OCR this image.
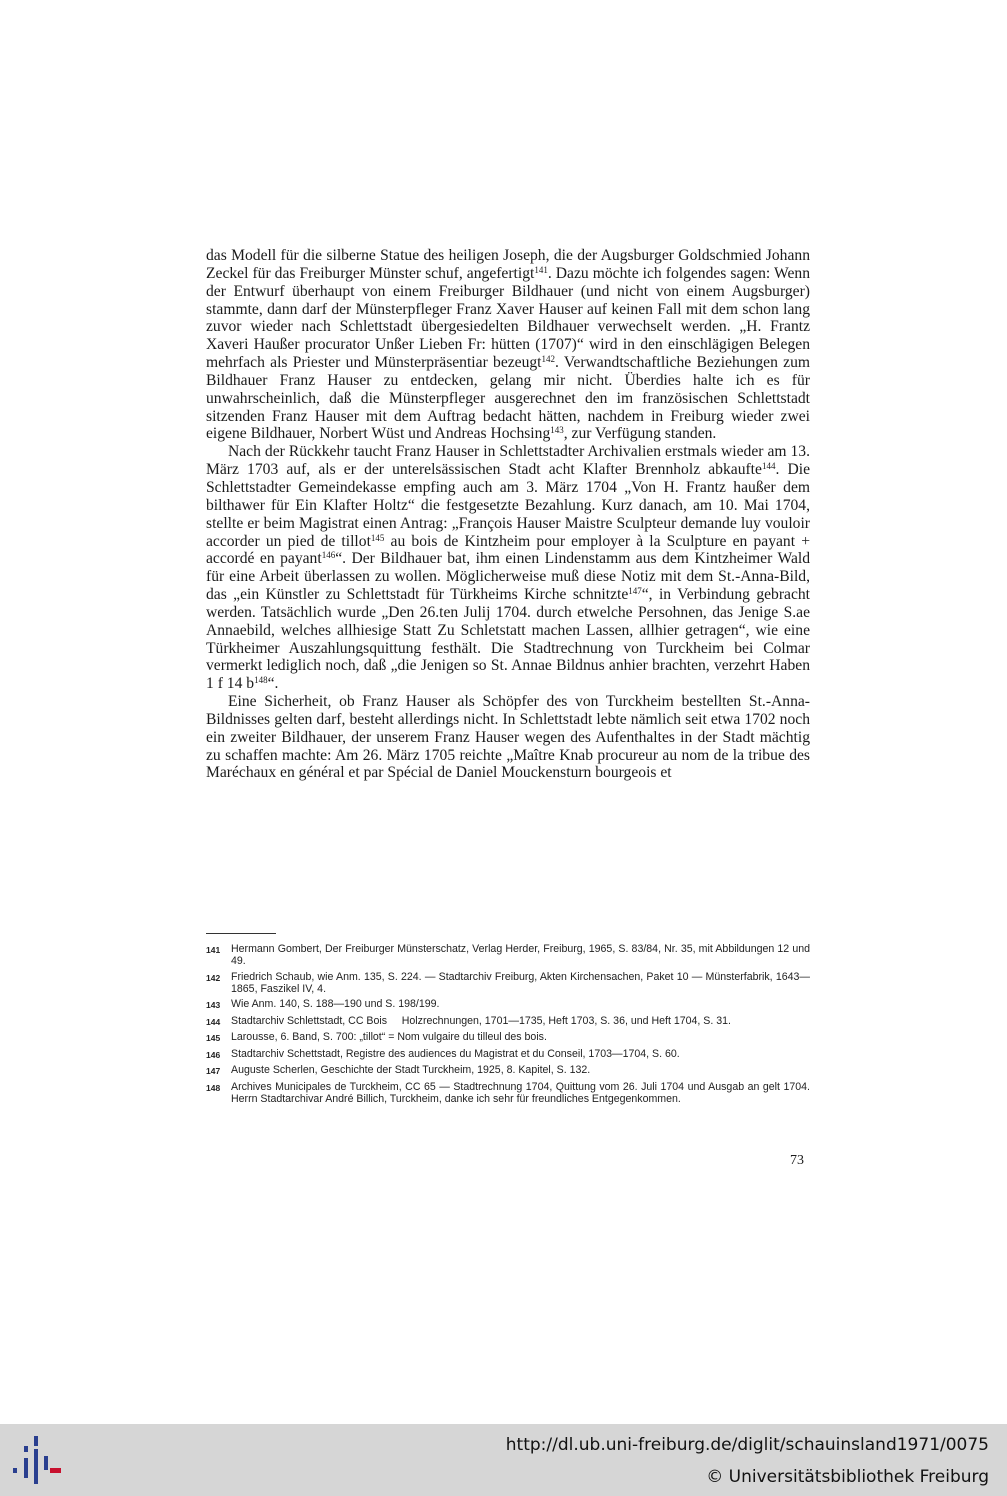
das Modell für die silberne Statue des heiligen Joseph, die der Augsburger Goldschmied Johann Zeckel für das Freiburger Münster schuf, angefertigt$^{141}$. Dazu möchte ich folgendes sagen: Wenn der Entwurf überhaupt von einem Freiburger Bildhauer (und nicht von einem Augsburger) stammte, dann darf der Münsterpfleger Franz Xaver Hauser auf keinen Fall mit dem schon lang zuvor wieder nach Schlettstadt übergesiedelten Bildhauer verwechselt werden. „H. Frantz Xaveri Haußer procurator Unßer Lieben Fr: hütten (1707)“ wird in den einschlägigen Belegen mehrfach als Priester und Münsterpräsentiar bezeugt$^{142}$. Verwandtschaftliche Beziehungen zum Bildhauer Franz Hauser zu entdecken, gelang mir nicht. Überdies halte ich es für unwahrscheinlich, daß die Münsterpfleger ausgerechnet den im französischen Schlettstadt sitzenden Franz Hauser mit dem Auftrag bedacht hätten, nachdem in Freiburg wieder zwei eigene Bildhauer, Norbert Wüst und Andreas Hochsing$^{143}$, zur Verfügung standen.

Nach der Rückkehr taucht Franz Hauser in Schlettstadter Archivalien erstmals wieder am 13. März 1703 auf, als er der unterelsässischen Stadt acht Klafter Brennholz abkaufte$^{144}$. Die Schlettstadter Gemeindekasse empfing auch am 3. März 1704 „Von H. Frantz haußer dem bilthawer für Ein Klafter Holtz“ die festgesetzte Bezahlung. Kurz danach, am 10. Mai 1704, stellte er beim Magistrat einen Antrag: „François Hauser Maistre Sculpteur demande luy vouloir accorder un pied de tillot$^{145}$ au bois de Kintzheim pour employer à la Sculpture en payant + accordé en payant$^{146}$“. Der Bildhauer bat, ihm einen Lindenstamm aus dem Kintzheimer Wald für eine Arbeit überlassen zu wollen. Möglicherweise muß diese Notiz mit dem St.-Anna-Bild, das „ein Künstler zu Schlettstadt für Türkheims Kirche schnitzte$^{147}$“, in Verbindung gebracht werden. Tatsächlich wurde „Den 26.ten Julij 1704. durch etwelche Persohnen, das Jenige S.ae Annaebild, welches allhiesige Statt Zu Schletstatt machen Lassen, allhier getragen“, wie eine Türkheimer Auszahlungsquittung festhält. Die Stadtrechnung von Turckheim bei Colmar vermerkt lediglich noch, daß „die Jenigen so St. Annae Bildnus anhier brachten, verzehrt Haben 1 f 14 $b^{148}“$.

Eine Sicherheit, ob Franz Hauser als Schöpfer des von Turckheim bestellten St.-Anna-Bildnisses gelten darf, besteht allerdings nicht. In Schlettstadt lebte nämlich seit etwa 1702 noch ein zweiter Bildhauer, der unserem Franz Hauser wegen des Aufenthaltes in der Stadt mächtig zu schaffen machte: Am 26. März 1705 reichte „Maître Knab procureur au nom de la tribue des Maréchaux en général et par Spécial de Daniel Mouckensturn bourgeois et

141	Hermann Gombert, Der Freiburger Münsterschatz, Verlag Herder, Freiburg, 1965, S. 83/84, Nr. 35, mit Abbildungen 12 und 49.
142	Friedrich Schaub, wie Anm. 135, S. 224. — Stadtarchiv Freiburg, Akten Kirchensachen, Paket 10 — Münsterfabrik, 1643—1865, Faszikel IV, 4.
143	Wie Anm. 140, S. 188—190 und S. 198/199.
144	Stadtarchiv Schlettstadt, CC Bois     Holzrechnungen, 1701—1735, Heft 1703, S. 36, und Heft 1704, S. 31.
145	Larousse, 6. Band, S. 700: „tillot“ = Nom vulgaire du tilleul des bois.
146	Stadtarchiv Schettstadt, Registre des audiences du Magistrat et du Conseil, 1703—1704, S. 60.
147	Auguste Scherlen, Geschichte der Stadt Turckheim, 1925, 8. Kapitel, S. 132.
148	Archives Municipales de Turckheim, CC 65 — Stadtrechnung 1704, Quittung vom 26. Juli 1704 und Ausgab an gelt 1704.     Herrn Stadtarchivar André Billich, Turckheim, danke ich sehr für freundliches Entgegenkommen.
73
http://dl.ub.uni-freiburg.de/diglit/schauinsland1971/0075
© Universitätsbibliothek Freiburg
